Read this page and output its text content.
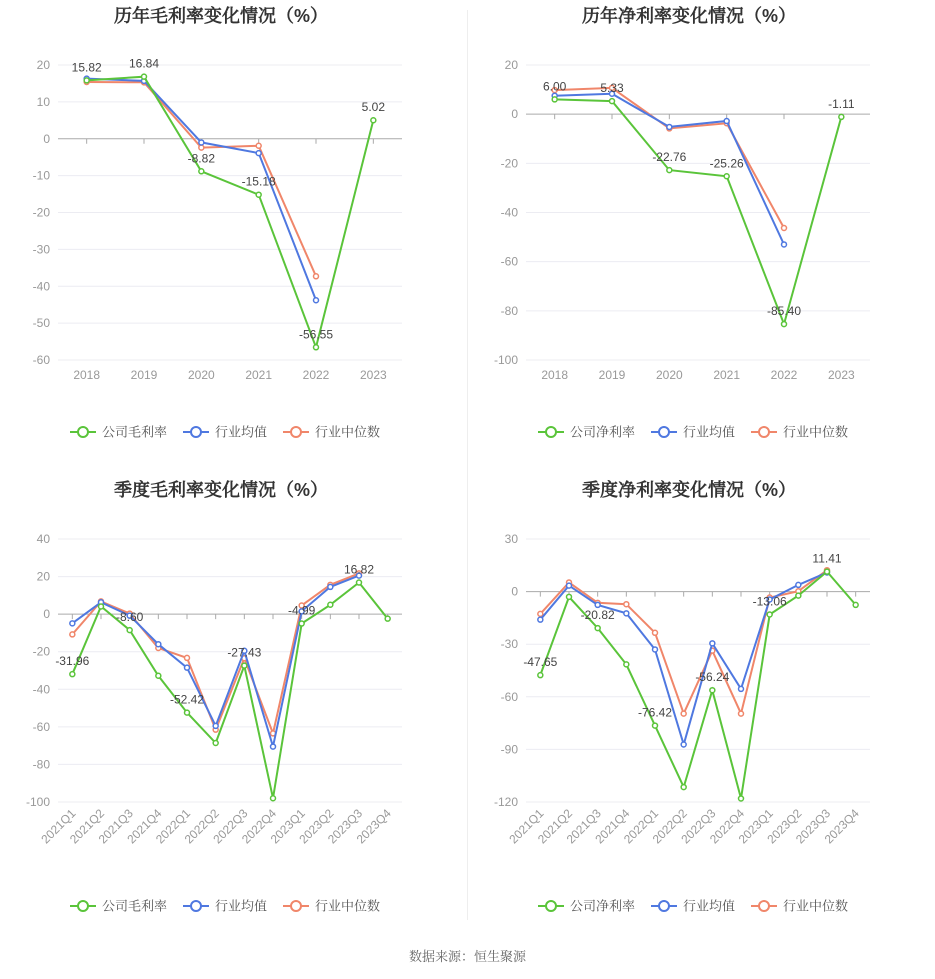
历年毛利率变化情况（%）
20
10
0
-10
-20
-30
-40
-50
-60
2018	2019	2020	2021	2022	2023
15.82 16.84
-8.82
-15.18
-56.55
5.02
公司毛利率	行业均值	行业中位数
历年净利率变化情况（%）
20
0
-20
-40
-60
-80
-100
2018	2019	2020	2021	2022	2023
6.00	5.33
-22.76 -25.26
-85.40
-1.11
公司净利率	行业均值	行业中位数
季度毛利率变化情况（%）
40
20
0
-20
-40
-60
-80
-100
2021Q1
2021Q2
2021Q3
2021Q4
2022Q1
2022Q2
2022Q3
2022Q4
2023Q1
2023Q2
2023Q3
2023Q4
-31.96
-8.60
-52.42
-27.43
-4.99
16.82
公司毛利率	行业均值	行业中位数
季度净利率变化情况（%）
30
0
-30
-60
-90
-120
2021Q1
2021Q2
2021Q3
2021Q4
2022Q1
2022Q2
2022Q3
2022Q4
2023Q1
2023Q2
2023Q3
2023Q4
-47.65
-20.82
-76.42
-56.24
-13.06
11.41
公司净利率	行业均值	行业中位数
数据来源：恒生聚源
